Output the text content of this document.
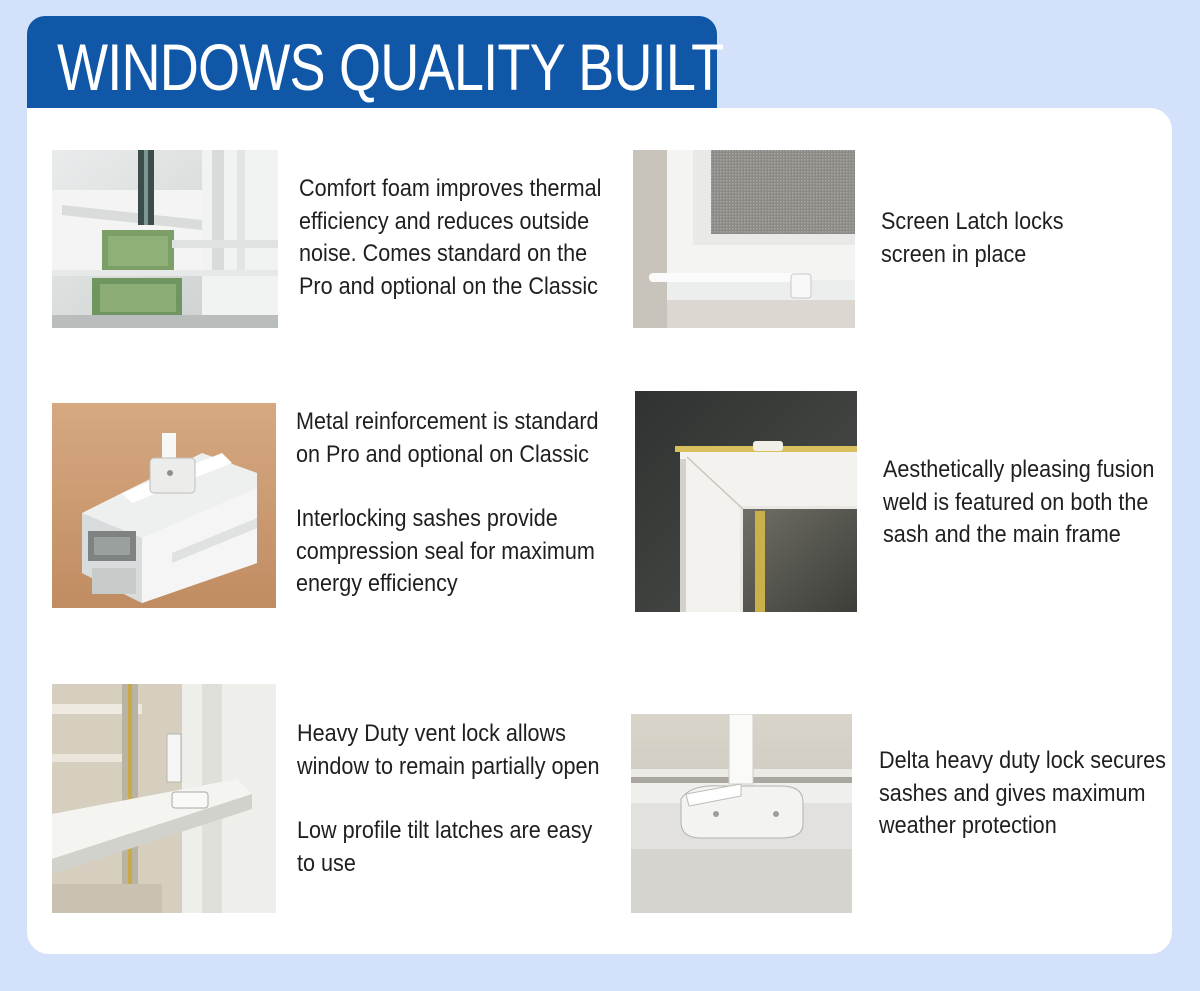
WINDOWS QUALITY BUILT

Comfort foam improves thermal
efficiency and reduces outside
noise. Comes standard on the
Pro and optional on the Classic

Screen Latch locks
screen in place

Metal reinforcement is standard
on Pro and optional on Classic

Interlocking sashes provide
compression seal for maximum
energy efficiency

Aesthetically pleasing fusion
weld is featured on both the
sash and the main frame

Heavy Duty vent lock allows
window to remain partially open

Low profile tilt latches are easy
to use

Delta heavy duty lock secures
sashes and gives maximum
weather protection
